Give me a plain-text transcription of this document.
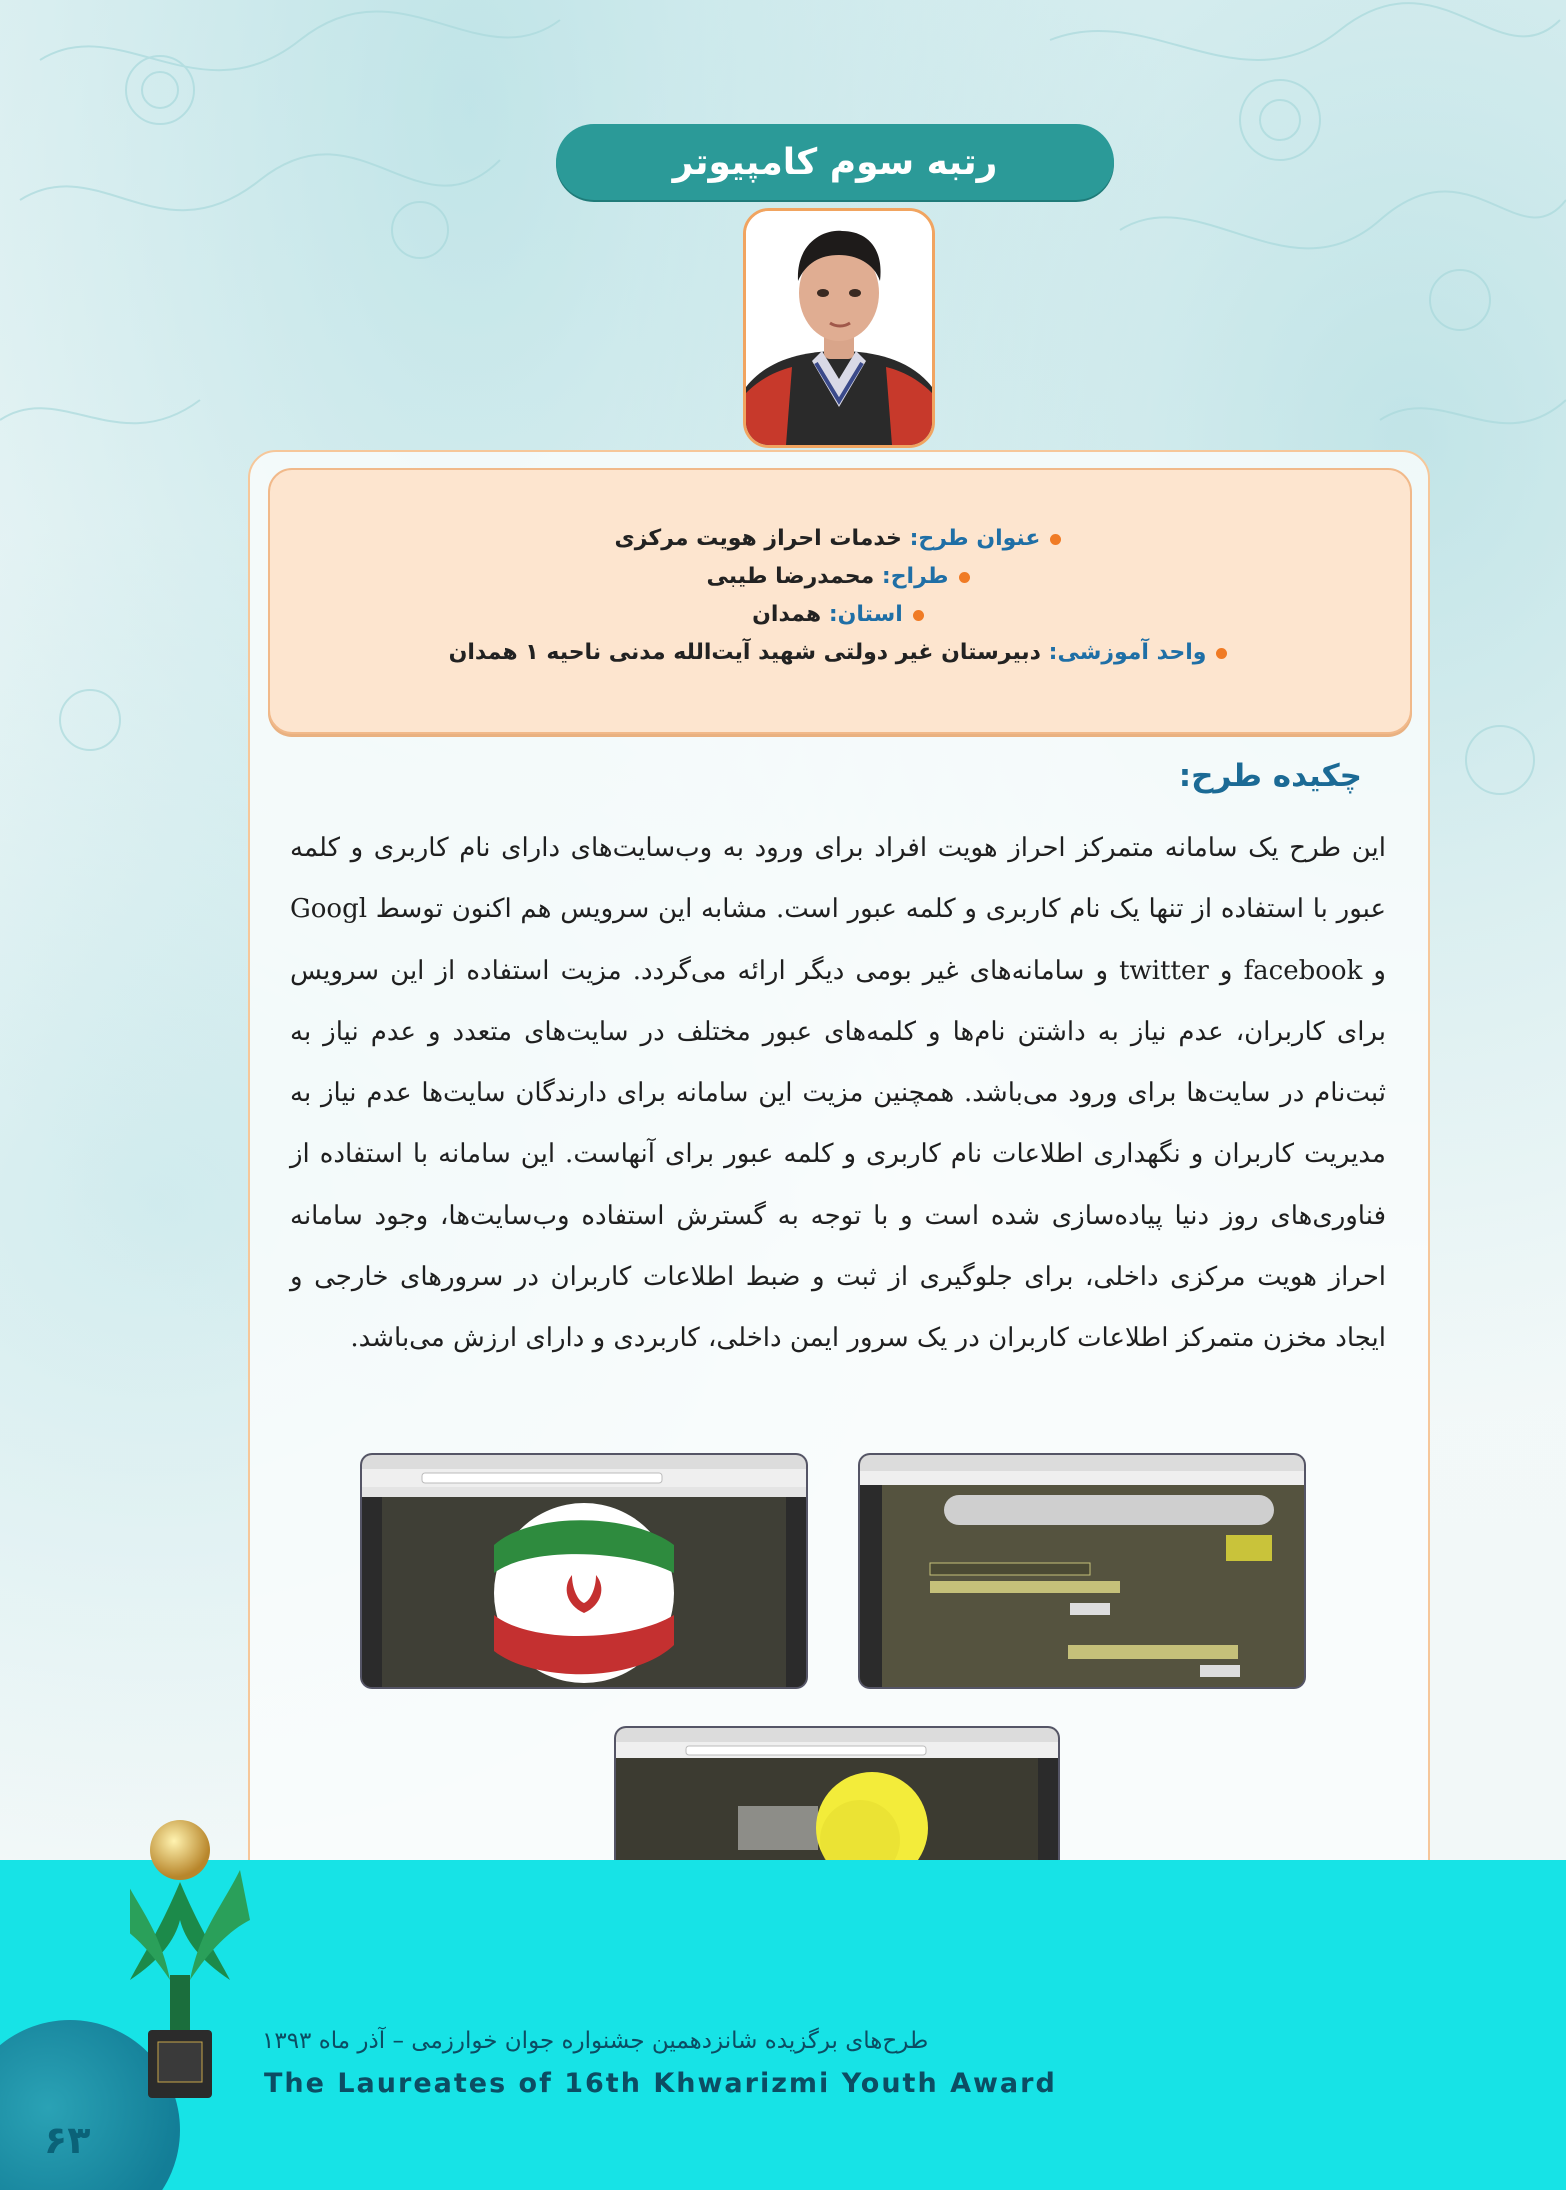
رتبه سوم کامپیوتر
عنوان طرح: خدمات احراز هویت مرکزی
طراح: محمدرضا طیبی
استان: همدان
واحد آموزشی: دبیرستان غیر دولتی شهید آیت‌الله مدنی ناحیه ۱ همدان
چکیده طرح:

این طرح یک سامانه متمرکز احراز هویت افراد برای ورود به وب‌سایت‌های دارای نام کاربری و کلمه عبور با استفاده از تنها یک نام کاربری و کلمه عبور است. مشابه این سرویس هم اکنون توسط Googl و facebook و twitter و سامانه‌های غیر بومی دیگر ارائه می‌گردد. مزیت استفاده از این سرویس برای کاربران، عدم نیاز به داشتن نام‌ها و کلمه‌های عبور مختلف در سایت‌های متعدد و عدم نیاز به ثبت‌نام در سایت‌ها برای ورود می‌باشد. همچنین مزیت این سامانه برای دارندگان سایت‌ها عدم نیاز به مدیریت کاربران و نگهداری اطلاعات نام کاربری و کلمه عبور برای آنهاست. این سامانه با استفاده از فناوری‌های روز دنیا پیاده‌سازی شده است و با توجه به گسترش استفاده وب‌سایت‌ها، وجود سامانه احراز هویت مرکزی داخلی، برای جلوگیری از ثبت و ضبط اطلاعات کاربران در سرورهای خارجی و ایجاد مخزن متمرکز اطلاعات کاربران در یک سرور ایمن داخلی، کاربردی و دارای ارزش می‌باشد.

طرح‌های برگزیده شانزدهمین جشنواره جوان خوارزمی – آذر ماه ۱۳۹۳
The Laureates of 16th Khwarizmi Youth Award
۶۳
